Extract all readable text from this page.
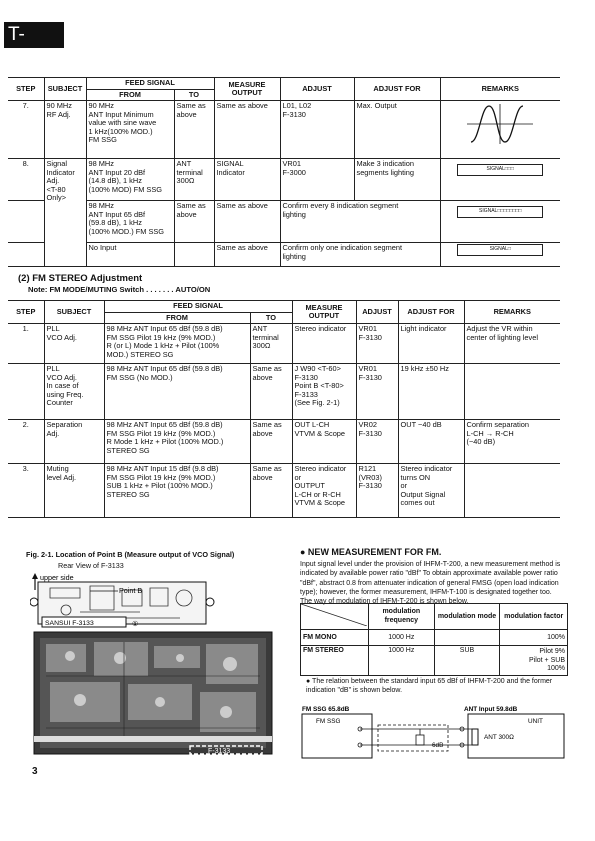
T-80/60
STEP	SUBJECT	FEED SIGNAL		MEASURE OUTPUT	ADJUST	ADJUST FOR	REMARKS
		FROM	TO				
7.	90 MHz
RF Adj.	90 MHz
ANT Input Minimum
value with sine wave
1 kHz(100% MOD.)
FM SSG	Same as
above	Same as above	L01, L02
F-3130	Max. Output	
8.	Signal
Indicator Adj.
<T-80 Only>	98 MHz
ANT Input 20 dBf
(14.8 dB), 1 kHz
(100% MOD) FM SSG	ANT
terminal
300Ω	SIGNAL
Indicator	VR01
F-3000	Make 3 indication
segments lighting	SIGNAL□□□
		98 MHz
ANT Input 65 dBf
(59.8 dB), 1 kHz
(100% MOD.) FM SSG	Same as
above	Same as above	Confirm every 8 indication segment
lighting		SIGNAL□□□□□□□□
		No Input		Same as above	Confirm only one indication segment
lighting		SIGNAL□
(2) FM STEREO Adjustment
Note: FM MODE/MUTING Switch . . . . . . . AUTO/ON
STEP	SUBJECT	FEED SIGNAL		MEASURE OUTPUT	ADJUST	ADJUST FOR	REMARKS
		FROM	TO				
1.	PLL
VCO Adj.	98 MHz ANT Input 65 dBf (59.8 dB)
FM SSG Pilot 19 kHz (9% MOD.)
R (or L) Mode 1 kHz + Pilot (100%
MOD.) STEREO SG	ANT
terminal
300Ω	Stereo indicator	VR01
F-3130	Light indicator	Adjust the VR within
center of lighting level
	PLL
VCO Adj.
In case of
using Freq.
Counter	98 MHz ANT Input 65 dBf (59.8 dB)
FM SSG (No MOD.)	Same as
above	J W90 <T-60>
F-3130
Point B <T-80>
F-3133
(See Fig. 2-1)	VR01
F-3130	19 kHz ±50 Hz	
2.	Separation
Adj.	98 MHz ANT Input 65 dBf (59.8 dB)
FM SSG Pilot 19 kHz (9% MOD.)
R Mode 1 kHz + Pilot (100% MOD.)
STEREO SG	Same as
above	OUT L-CH
VTVM & Scope	VR02
F-3130	OUT −40 dB	Confirm separation
L-CH → R-CH
(−40 dB)
3.	Muting
level Adj.	98 MHz ANT Input 15 dBf (9.8 dB)
FM SSG Pilot 19 kHz (9% MOD.)
SUB 1 kHz + Pilot (100% MOD.)
STEREO SG	Same as
above	Stereo indicator
or
OUTPUT
L-CH or R-CH
VTVM & Scope	R121
(VR03)
F-3130	Stereo indicator
turns ON
or
Output Signal
comes out	
Fig. 2-1. Location of Point B (Measure output of VCO Signal)
Rear View of F-3133
upper side
Point B
SANSUI F-3133	①
F-3133
● NEW MEASUREMENT FOR FM.

Input signal level under the provision of IHFM-T-200, a new measurement method is indicated by available power ratio "dBf" To obtain approximate available power ratio "dBf", abstract 0.8 from attenuater indication of general FMSG (open load indication type); however, the former measurement, IHFM-T-100 is designated together too.
The way of modulation of IHFM-T-200 is shown below.

	modulation frequency	modulation mode	modulation factor
FM MONO	1000 Hz		100%
FM STEREO	1000 Hz	SUB	Pilot 9%
Pilot + SUB
100%
● The relation between the standard input 65 dBf of IHFM-T-200 and the former indication "dB" is shown below.
FM SSG 65.8dB	ANT Input 59.8dB
FM SSG	UNIT
ANT 300Ω
6dB
3
